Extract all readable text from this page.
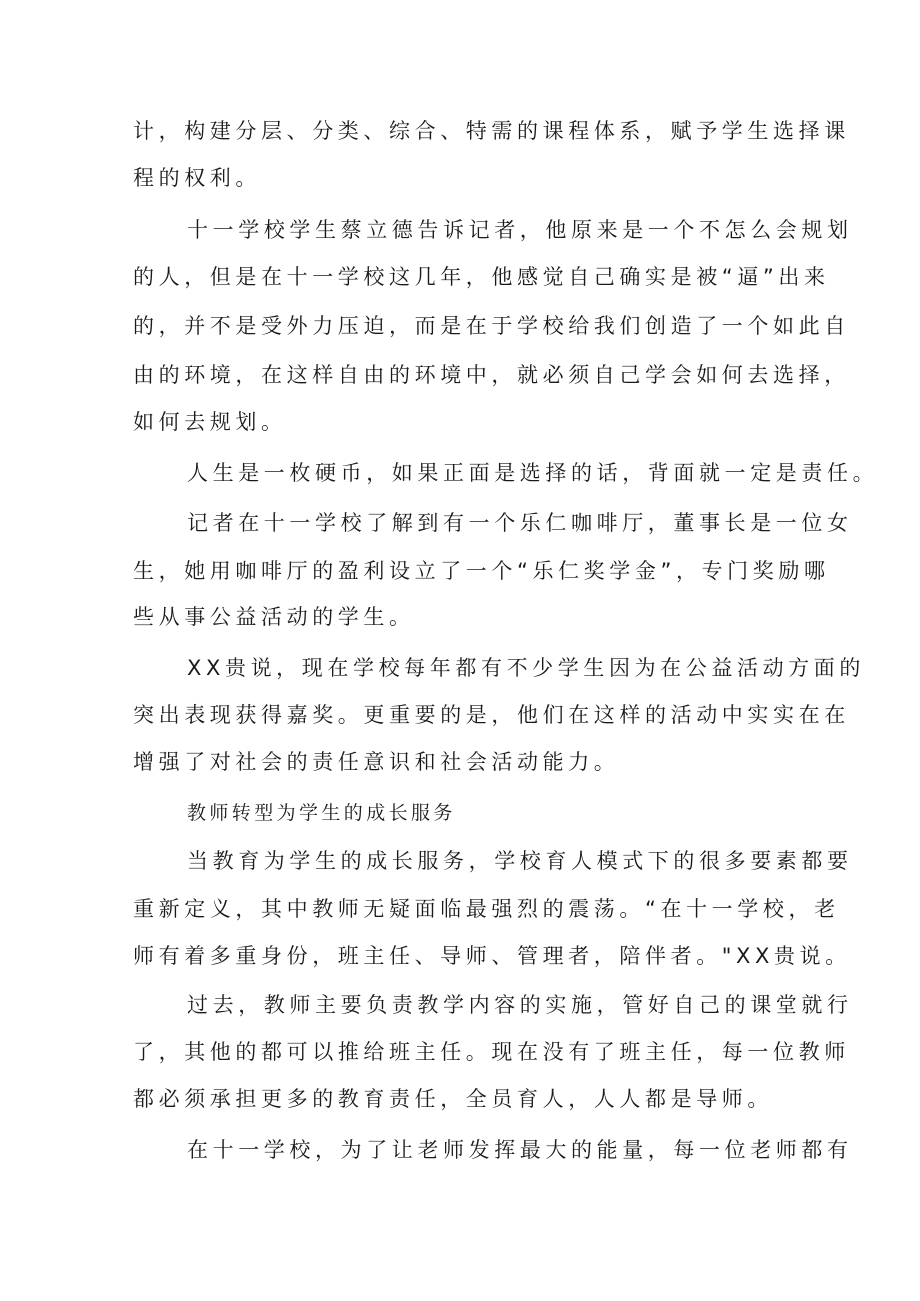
计，构建分层、分类、综合、特需的课程体系，赋予学生选择课

程的权利。

十一学校学生蔡立德告诉记者，他原来是一个不怎么会规划

的人，但是在十一学校这几年，他感觉自己确实是被“逼”出来

的，并不是受外力压迫，而是在于学校给我们创造了一个如此自

由的环境，在这样自由的环境中，就必须自己学会如何去选择，

如何去规划。

人生是一枚硬币，如果正面是选择的话，背面就一定是责任。

记者在十一学校了解到有一个乐仁咖啡厅，董事长是一位女

生，她用咖啡厅的盈利设立了一个“乐仁奖学金”，专门奖励哪

些从事公益活动的学生。

XX贵说，现在学校每年都有不少学生因为在公益活动方面的

突出表现获得嘉奖。更重要的是，他们在这样的活动中实实在在

增强了对社会的责任意识和社会活动能力。

教师转型为学生的成长服务

当教育为学生的成长服务，学校育人模式下的很多要素都要

重新定义，其中教师无疑面临最强烈的震荡。“在十一学校，老

师有着多重身份，班主任、导师、管理者，陪伴者。"XX贵说。

过去，教师主要负责教学内容的实施，管好自己的课堂就行

了，其他的都可以推给班主任。现在没有了班主任，每一位教师

都必须承担更多的教育责任，全员育人，人人都是导师。

在十一学校，为了让老师发挥最大的能量，每一位老师都有
